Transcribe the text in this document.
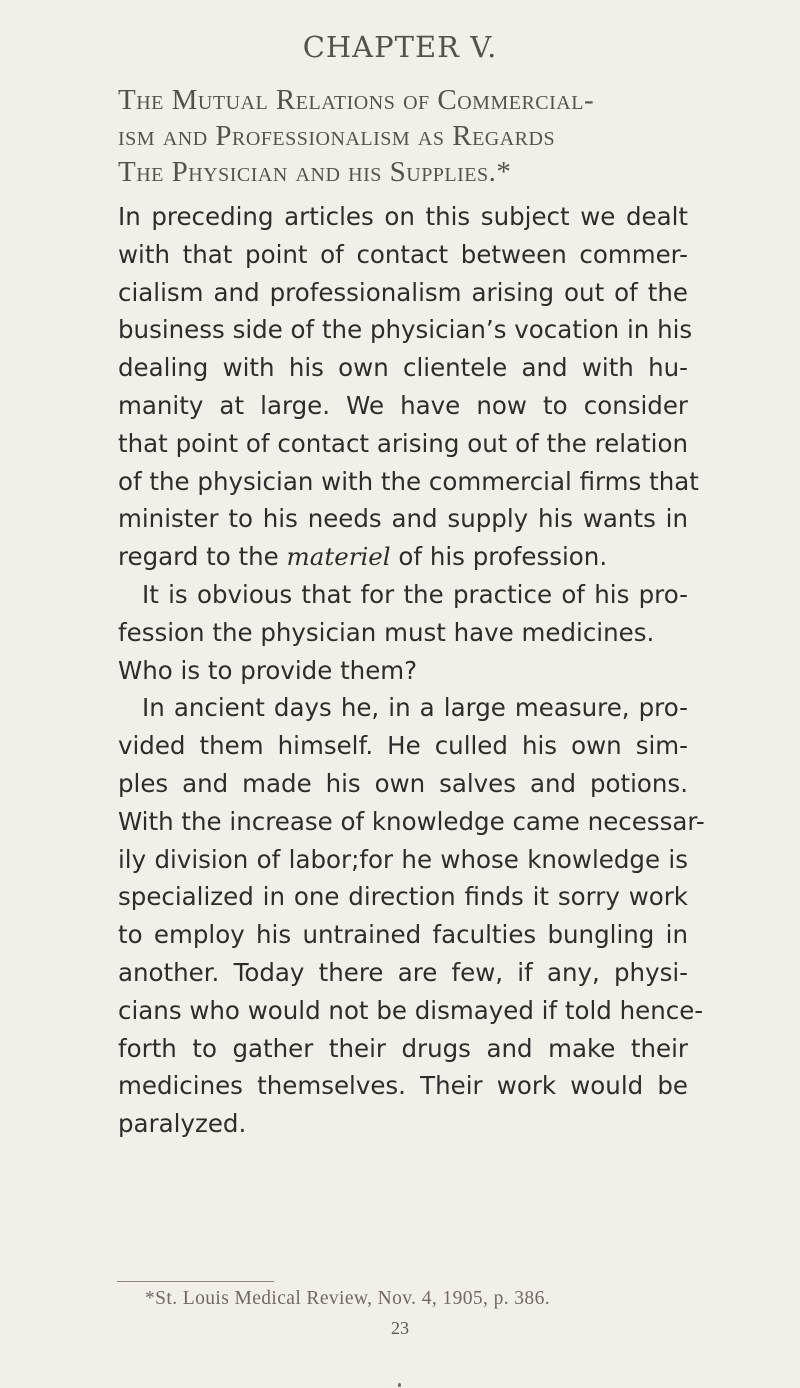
CHAPTER V.
The Mutual Relations of Commercial-
ism and Professionalism as Regards
The Physician and his Supplies.*
In preceding articles on this subject we dealt
with that point of contact between commer-
cialism and professionalism arising out of the
business side of the physician’s vocation in his
dealing with his own clientele and with hu-
manity at large. We have now to consider
that point of contact arising out of the relation
of the physician with the commercial firms that
minister to his needs and supply his wants in
regard to the materiel of his profession.
It is obvious that for the practice of his pro-
fession the physician must have medicines.
Who is to provide them?
In ancient days he, in a large measure, pro-
vided them himself. He culled his own sim-
ples and made his own salves and potions.
With the increase of knowledge came necessar-
ily division of labor;for he whose knowledge is
specialized in one direction finds it sorry work
to employ his untrained faculties bungling in
another. Today there are few, if any, physi-
cians who would not be dismayed if told hence-
forth to gather their drugs and make their
medicines themselves. Their work would be
paralyzed.
*St. Louis Medical Review, Nov. 4, 1905, p. 386.
23
